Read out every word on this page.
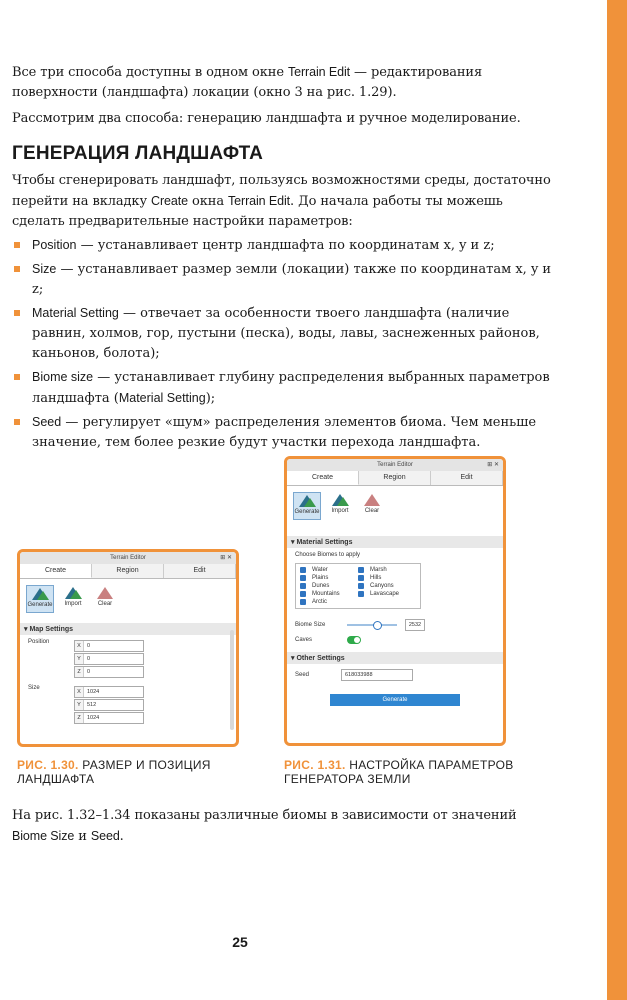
Все три способа доступны в одном окне Terrain Edit — редактирования поверхности (ландшафта) локации (окно 3 на рис. 1.29).

Рассмотрим два способа: генерацию ландшафта и ручное моделирование.

ГЕНЕРАЦИЯ ЛАНДШАФТА

Чтобы сгенерировать ландшафт, пользуясь возможностями среды, достаточно перейти на вкладку Create окна Terrain Edit. До начала работы ты можешь сделать предварительные настройки параметров:

Position — устанавливает центр ландшафта по координатам x, y и z;
Size — устанавливает размер земли (локации) также по координатам x, y и z;
Material Setting — отвечает за особенности твоего ландшафта (наличие равнин, холмов, гор, пустыни (песка), воды, лавы, заснеженных районов, каньонов, болота);
Biome size — устанавливает глубину распределения выбранных параметров ландшафта (Material Setting);
Seed — регулирует «шум» распределения элементов биома. Чем меньше значение, тем более резкие будут участки перехода ландшафта.
Terrain Editor	⊞ ✕
Create	Region	Edit
Generate	Import	Clear
▾ Map Settings
Position
X	0
Y	0
Z	0
Size
X	1024
Y	512
Z	1024
РИС. 1.30. РАЗМЕР И ПОЗИЦИЯ ЛАНДШАФТА
Terrain Editor	⊞ ✕
Create	Region	Edit
Generate	Import	Clear
▾ Material Settings
Choose Biomes to apply
Water	Marsh
Plains	Hills
Dunes	Canyons
Mountains	Lavascape
Arctic
Biome Size	2532
Caves
▾ Other Settings
Seed	618033988
Generate
РИС. 1.31. НАСТРОЙКА ПАРАМЕТРОВ ГЕНЕРАТОРА ЗЕМЛИ

На рис. 1.32–1.34 показаны различные биомы в зависимости от значений Biome Size и Seed.

25
